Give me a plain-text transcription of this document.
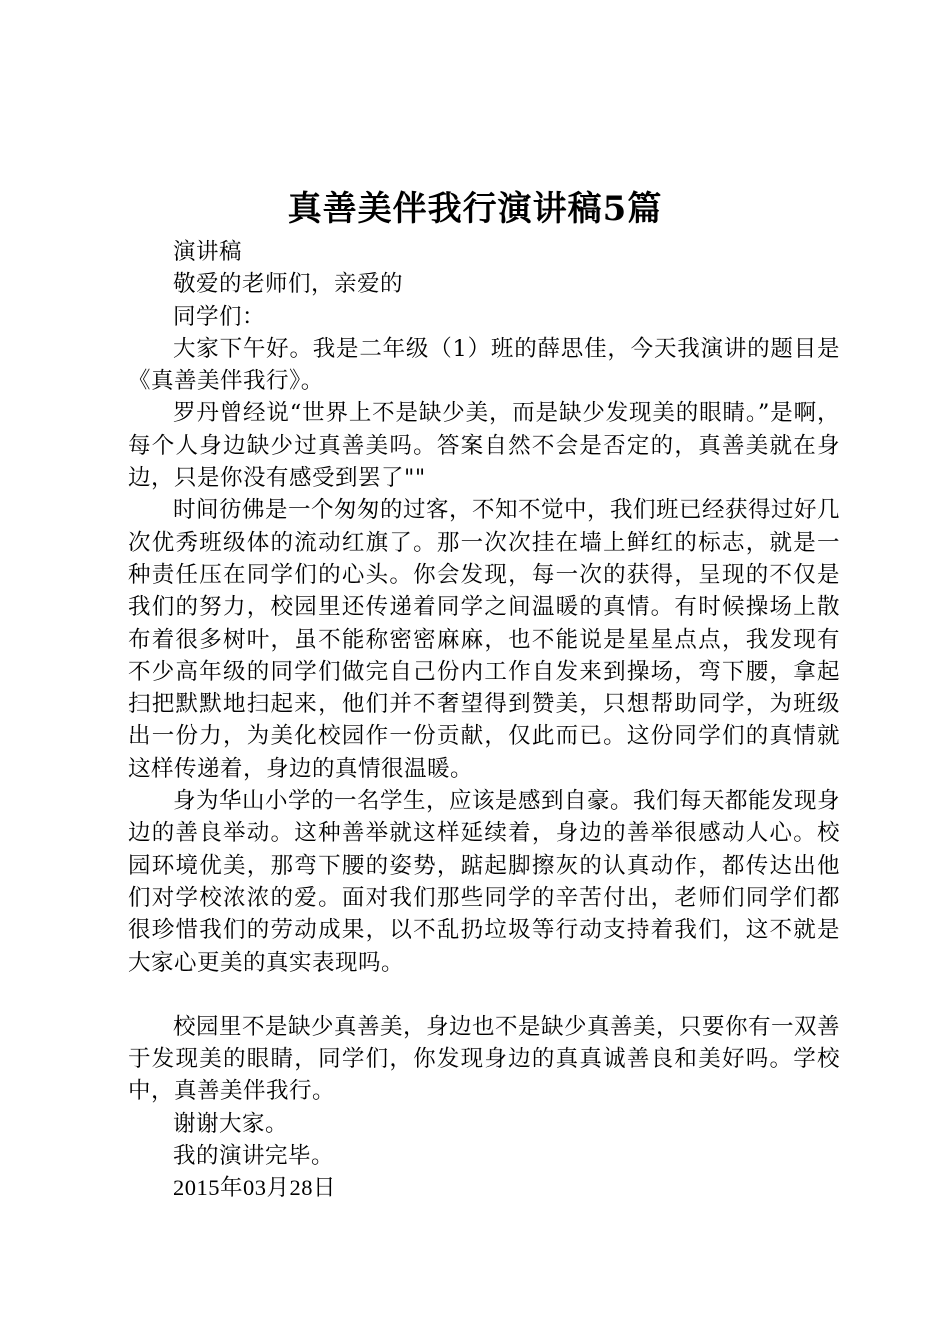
真善美伴我行演讲稿5篇

演讲稿

敬爱的老师们，亲爱的

同学们：

大家下午好。我是二年级（1）班的薛思佳，今天我演讲的题目是《真善美伴我行》。

罗丹曾经说“世界上不是缺少美，而是缺少发现美的眼睛。”是啊，每个人身边缺少过真善美吗。答案自然不会是否定的，真善美就在身边，只是你没有感受到罢了""

时间彷佛是一个匆匆的过客，不知不觉中，我们班已经获得过好几次优秀班级体的流动红旗了。那一次次挂在墙上鲜红的标志，就是一种责任压在同学们的心头。你会发现，每一次的获得，呈现的不仅是我们的努力，校园里还传递着同学之间温暖的真情。有时候操场上散布着很多树叶，虽不能称密密麻麻，也不能说是星星点点，我发现有不少高年级的同学们做完自己份内工作自发来到操场，弯下腰，拿起扫把默默地扫起来，他们并不奢望得到赞美，只想帮助同学，为班级出一份力，为美化校园作一份贡献，仅此而已。这份同学们的真情就这样传递着，身边的真情很温暖。

身为华山小学的一名学生，应该是感到自豪。我们每天都能发现身边的善良举动。这种善举就这样延续着，身边的善举很感动人心。校园环境优美，那弯下腰的姿势，踮起脚擦灰的认真动作，都传达出他们对学校浓浓的爱。面对我们那些同学的辛苦付出，老师们同学们都很珍惜我们的劳动成果，以不乱扔垃圾等行动支持着我们，这不就是大家心更美的真实表现吗。

校园里不是缺少真善美，身边也不是缺少真善美，只要你有一双善于发现美的眼睛，同学们，你发现身边的真真诚善良和美好吗。学校中，真善美伴我行。

谢谢大家。

我的演讲完毕。

2015年03月28日
